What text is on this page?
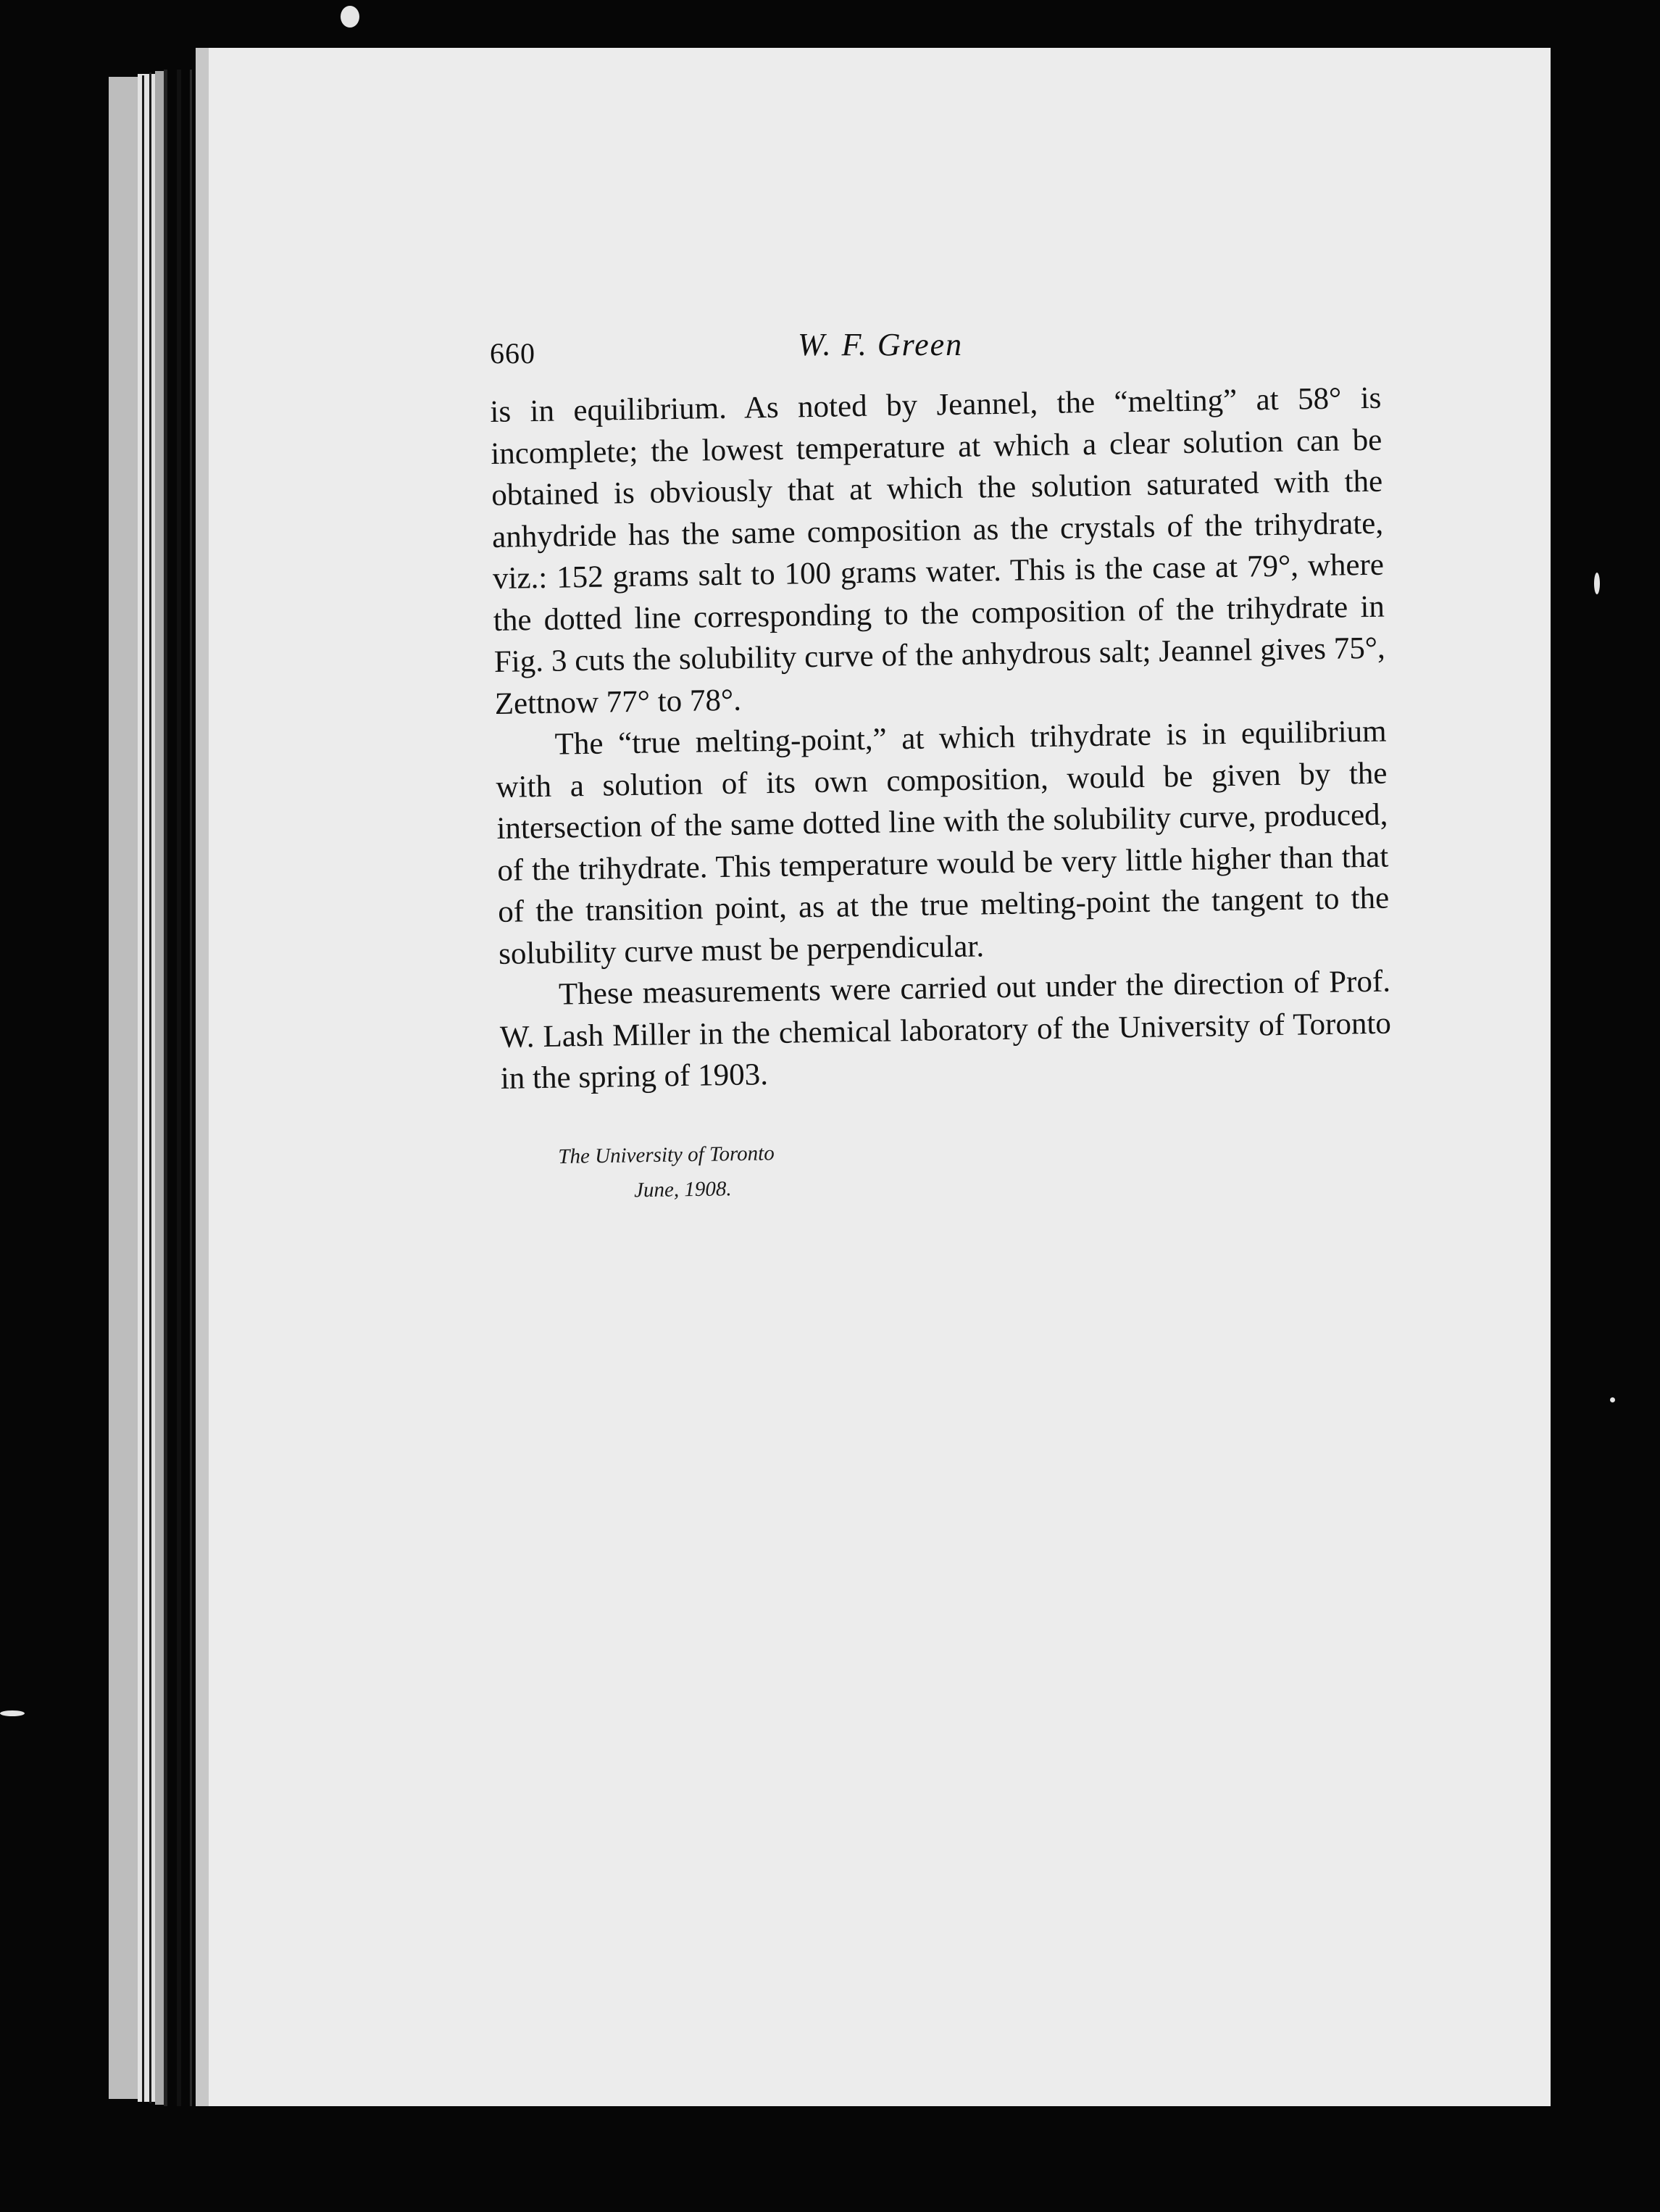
660	W. F. Green

is in equilibrium. As noted by Jeannel, the “melting” at 58° is incomplete; the lowest temperature at which a clear solution can be obtained is obviously that at which the solution saturated with the anhydride has the same composition as the crystals of the trihydrate, viz.: 152 grams salt to 100 grams water. This is the case at 79°, where the dotted line corresponding to the composition of the trihydrate in Fig. 3 cuts the solubility curve of the anhydrous salt; Jeannel gives 75°, Zettnow 77° to 78°.

The “true melting-point,” at which trihydrate is in equilibrium with a solution of its own composition, would be given by the intersection of the same dotted line with the solubility curve, produced, of the trihydrate. This temperature would be very little higher than that of the transition point, as at the true melting-point the tangent to the solubility curve must be perpendicular.

These measurements were carried out under the direction of Prof. W. Lash Miller in the chemical laboratory of the University of Toronto in the spring of 1903.

The University of Toronto
June, 1908.
